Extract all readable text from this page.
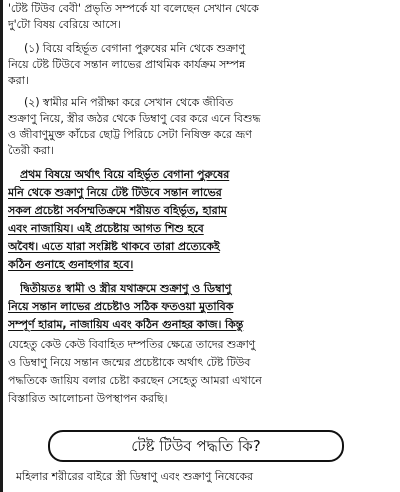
'টেষ্ট টিউব বেবী' প্রভৃতি সম্পর্কে যা বলেছেন সেখান থেকে
দু'টো বিষয় বেরিয়ে আসে।
(১) বিয়ে বহির্ভূত বেগানা পুরুষের মনি থেকে শুক্রাণু
নিয়ে টেষ্ট টিউবে সন্তান লাভের প্রাথমিক কার্যক্রম সম্পন্ন
করা।
(২) স্বামীর মনি পরীক্ষা করে সেখান থেকে জীবিত
শুক্রাণু নিয়ে, স্ত্রীর জঠর থেকে ডিম্বাণু বের করে এনে বিশুদ্ধ
ও জীবাণুমুক্ত কাঁচের ছোট্ট পিরিচে সেটা নিষিক্ত করে ভ্রূণ
তৈরী করা।
প্রথম বিষয়ে অর্থাৎ বিয়ে বহির্ভূত বেগানা পুরুষের
মনি থেকে শুক্রাণু নিয়ে টেষ্ট টিউবে সন্তান লাভের
সকল প্রচেষ্টা সর্বসম্মতিক্রমে শরীয়ত বহির্ভূত, হারাম
এবং নাজায়িয। এই প্রচেষ্টায় আগত শিশু হবে
অবৈধ। এতে যারা সংশ্লিষ্ট থাকবে তারা প্রত্যেকেই
কঠিন গুনাহে গুনাহগার হবে।
দ্বিতীয়তঃ স্বামী ও স্ত্রীর যথাক্রমে শুক্রাণু ও ডিম্বাণু
নিয়ে সন্তান লাভের প্রচেষ্টাও সঠিক ফতওয়া মুতাবিক
সম্পূর্ণ হারাম, নাজায়িয এবং কঠিন গুনাহর কাজ। কিন্তু
যেহেতু কেউ কেউ বিবাহিত দম্পতির ক্ষেত্রে তাদের শুক্রাণু
ও ডিম্বাণু নিয়ে সন্তান জন্মের প্রচেষ্টাকে অর্থাৎ টেষ্ট টিউব
পদ্ধতিকে জায়িয বলার চেষ্টা করছেন সেহেতু আমরা এখানে
বিস্তারিত আলোচনা উপস্থাপন করছি।
টেষ্ট টিউব পদ্ধতি কি?
মহিলার শরীরের বাইরে স্ত্রী ডিম্বাণু এবং শুক্রাণু নিষেকের
